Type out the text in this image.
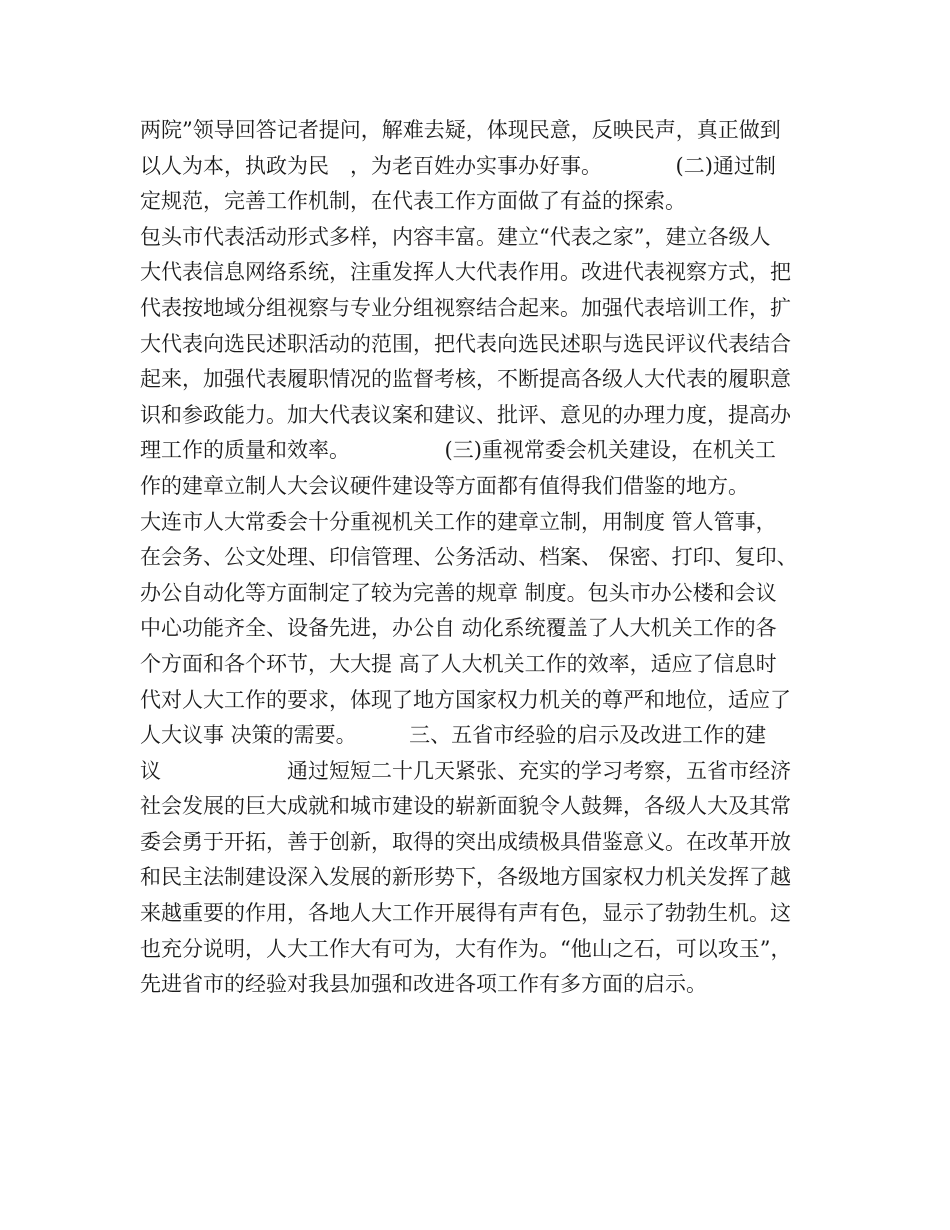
两院”领导回答记者提问，解难去疑，体现民意，反映民声，真正做到
以人为本，执政为民　，为老百姓办实事办好事。　　　　(二)通过制
定规范，完善工作机制，在代表工作方面做了有益的探索。
包头市代表活动形式多样，内容丰富。建立“代表之家”，建立各级人
大代表信息网络系统，注重发挥人大代表作用。改进代表视察方式，把
代表按地域分组视察与专业分组视察结合起来。加强代表培训工作，扩
大代表向选民述职活动的范围，把代表向选民述职与选民评议代表结合
起来，加强代表履职情况的监督考核，不断提高各级人大代表的履职意
识和参政能力。加大代表议案和建议、批评、意见的办理力度，提高办
理工作的质量和效率。　　　　　(三)重视常委会机关建设，在机关工
作的建章立制人大会议硬件建设等方面都有值得我们借鉴的地方。
大连市人大常委会十分重视机关工作的建章立制，用制度 管人管事，
在会务、公文处理、印信管理、公务活动、档案、 保密、打印、复印、
办公自动化等方面制定了较为完善的规章 制度。包头市办公楼和会议
中心功能齐全、设备先进，办公自 动化系统覆盖了人大机关工作的各
个方面和各个环节，大大提 高了人大机关工作的效率，适应了信息时
代对人大工作的要求，体现了地方国家权力机关的尊严和地位，适应了
人大议事 决策的需要。　　　三、五省市经验的启示及改进工作的建
议　　　　　　通过短短二十几天紧张、充实的学习考察，五省市经济
社会发展的巨大成就和城市建设的崭新面貌令人鼓舞，各级人大及其常
委会勇于开拓，善于创新，取得的突出成绩极具借鉴意义。在改革开放
和民主法制建设深入发展的新形势下，各级地方国家权力机关发挥了越
来越重要的作用，各地人大工作开展得有声有色，显示了勃勃生机。这
也充分说明，人大工作大有可为，大有作为。“他山之石，可以攻玉”，
先进省市的经验对我县加强和改进各项工作有多方面的启示。
